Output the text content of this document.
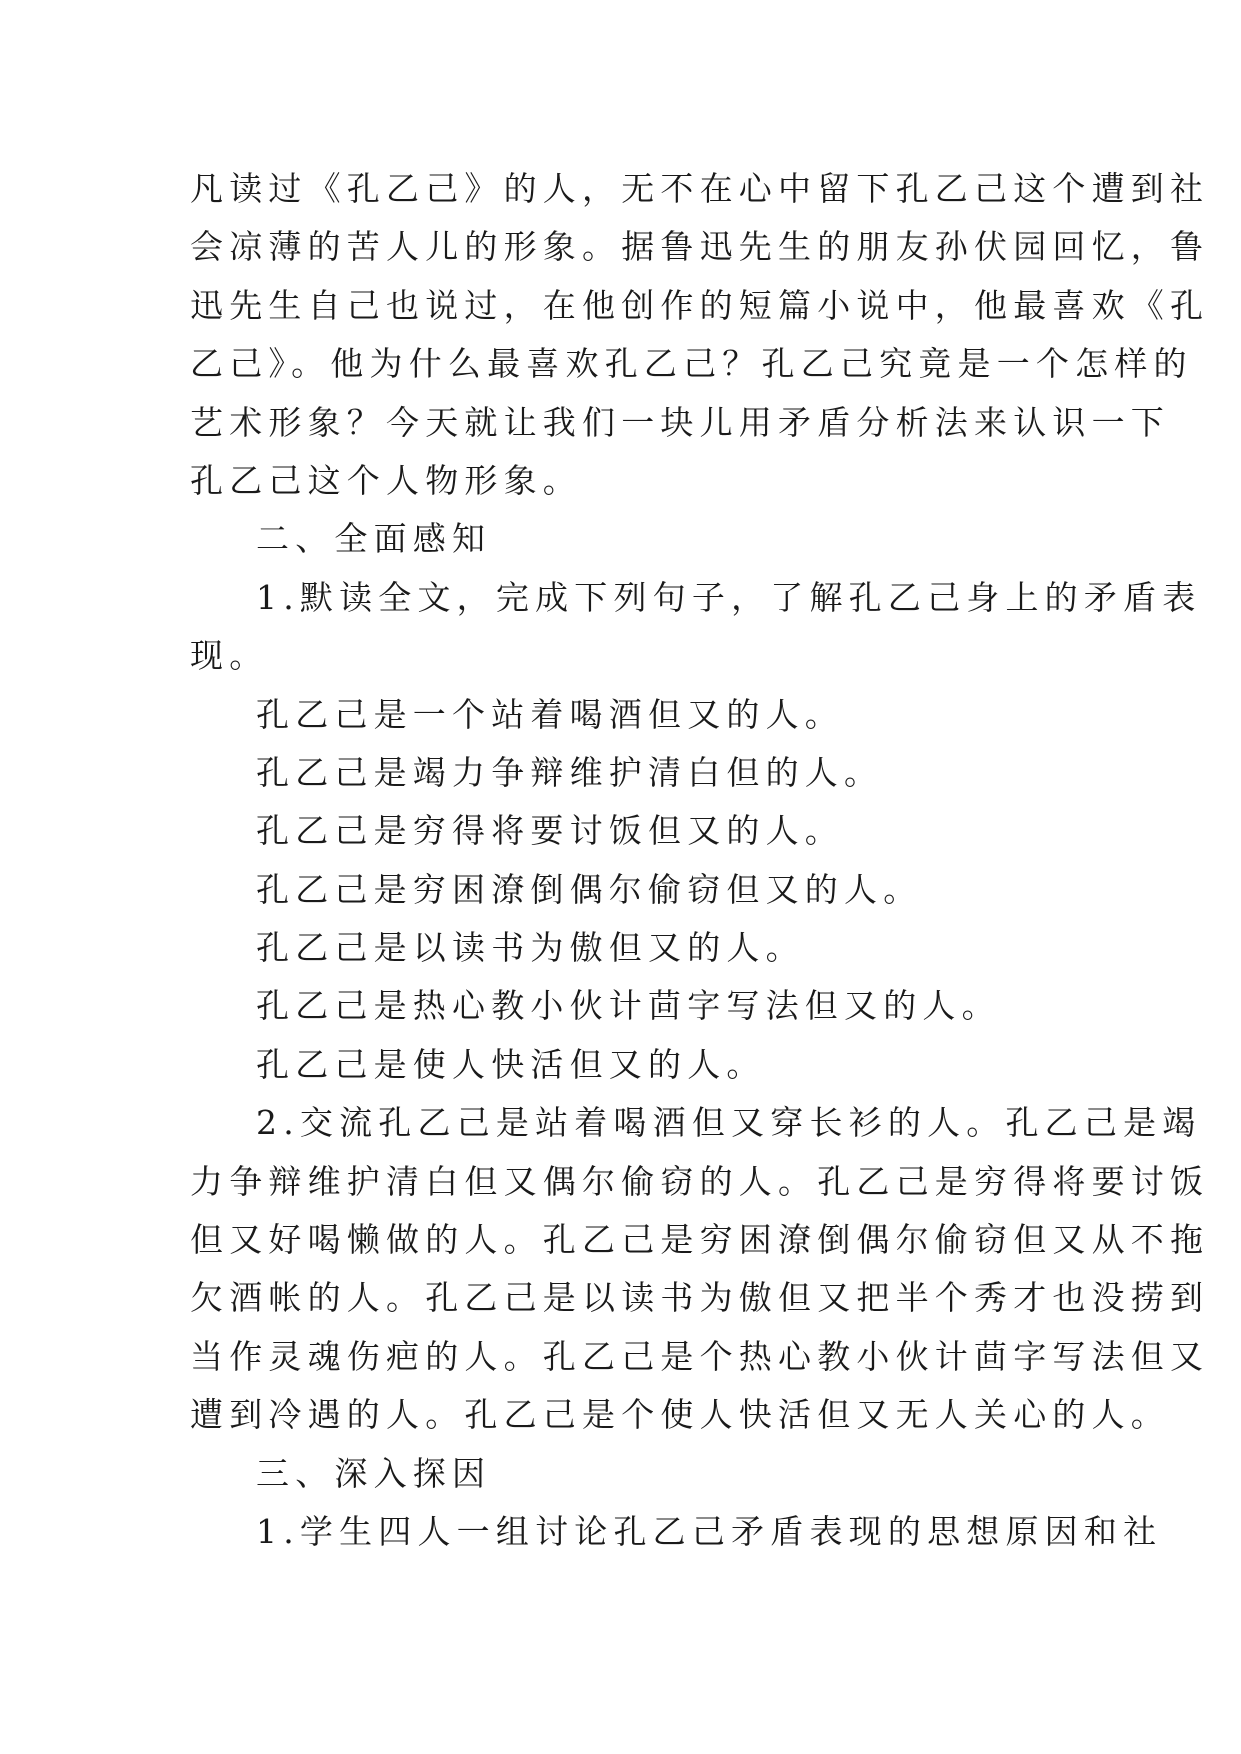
凡读过《孔乙己》的人，无不在心中留下孔乙己这个遭到社
会凉薄的苦人儿的形象。据鲁迅先生的朋友孙伏园回忆，鲁
迅先生自己也说过，在他创作的短篇小说中，他最喜欢《孔
乙己》。他为什么最喜欢孔乙己？孔乙己究竟是一个怎样的
艺术形象？今天就让我们一块儿用矛盾分析法来认识一下
孔乙己这个人物形象。
二、全面感知
1.默读全文，完成下列句子，了解孔乙己身上的矛盾表
现。
孔乙己是一个站着喝酒但又的人。
孔乙己是竭力争辩维护清白但的人。
孔乙己是穷得将要讨饭但又的人。
孔乙己是穷困潦倒偶尔偷窃但又的人。
孔乙己是以读书为傲但又的人。
孔乙己是热心教小伙计茴字写法但又的人。
孔乙己是使人快活但又的人。
2.交流孔乙己是站着喝酒但又穿长衫的人。孔乙己是竭
力争辩维护清白但又偶尔偷窃的人。孔乙己是穷得将要讨饭
但又好喝懒做的人。孔乙己是穷困潦倒偶尔偷窃但又从不拖
欠酒帐的人。孔乙己是以读书为傲但又把半个秀才也没捞到
当作灵魂伤疤的人。孔乙己是个热心教小伙计茴字写法但又
遭到冷遇的人。孔乙己是个使人快活但又无人关心的人。
三、深入探因
1.学生四人一组讨论孔乙己矛盾表现的思想原因和社
